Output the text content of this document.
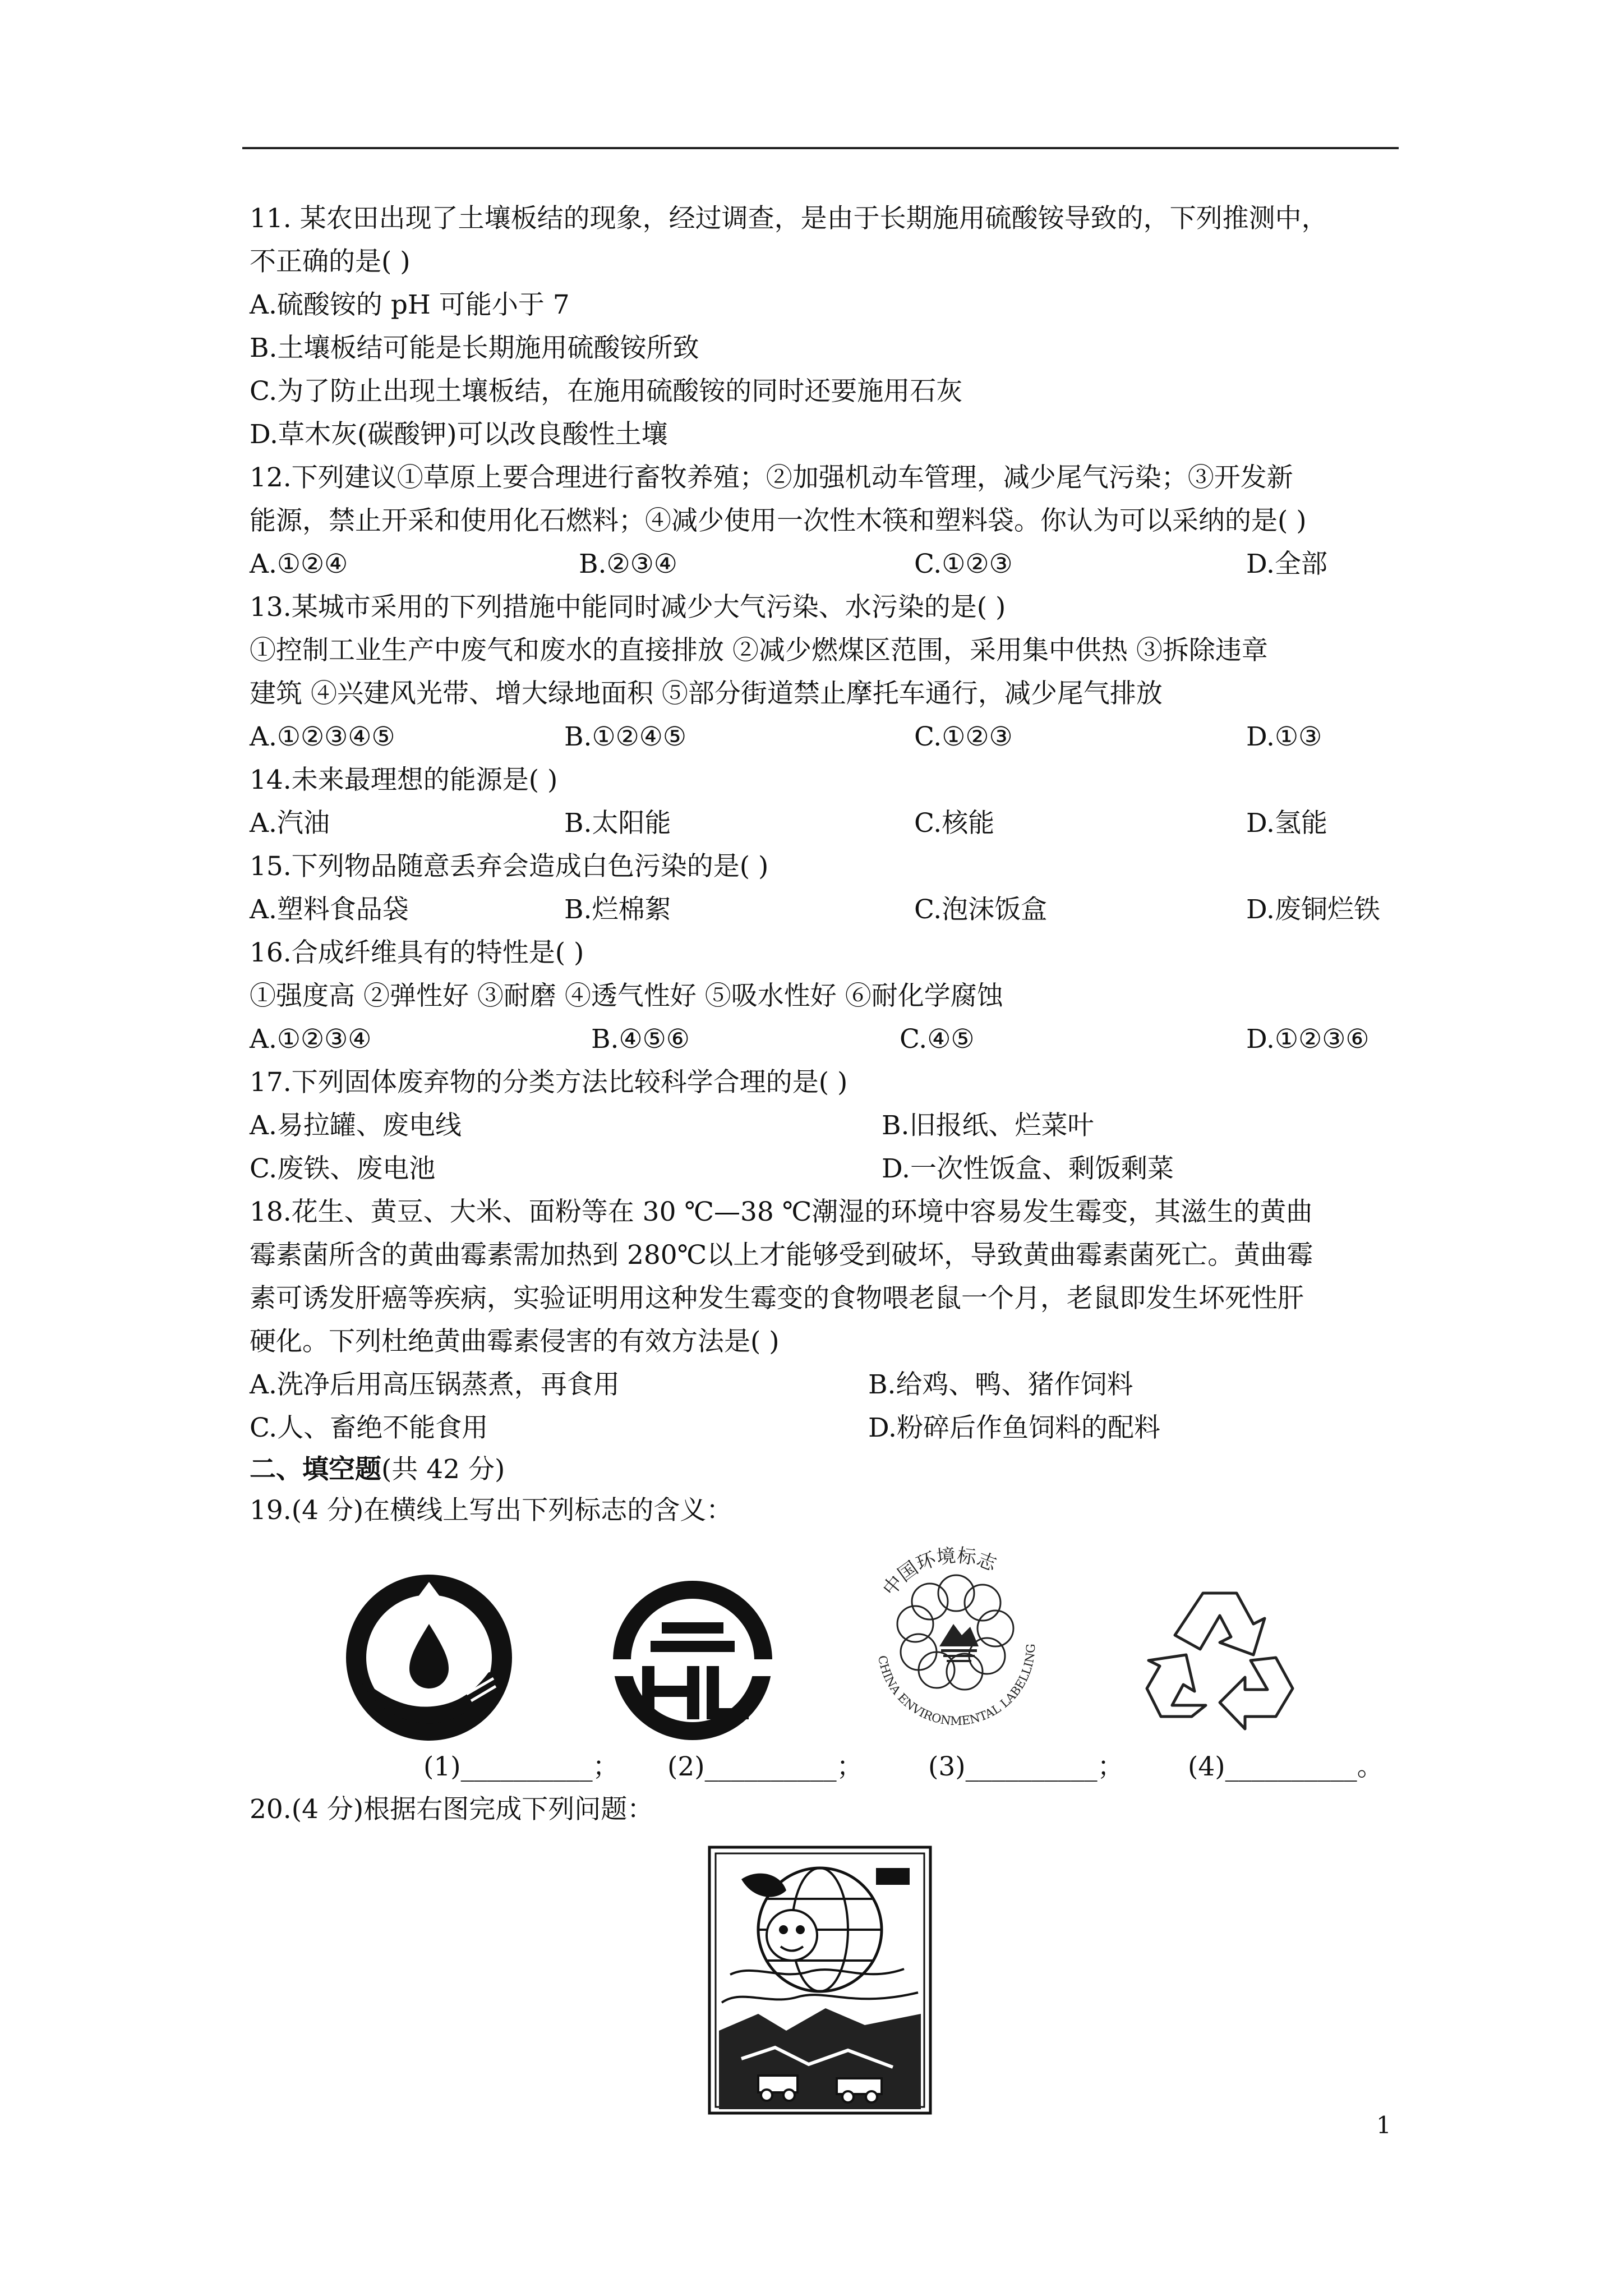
11. 某农田出现了土壤板结的现象，经过调查，是由于长期施用硫酸铵导致的，下列推测中，
不正确的是( )
A.硫酸铵的 pH 可能小于 7
B.土壤板结可能是长期施用硫酸铵所致
C.为了防止出现土壤板结，在施用硫酸铵的同时还要施用石灰
D.草木灰(碳酸钾)可以改良酸性土壤
12.下列建议①草原上要合理进行畜牧养殖；②加强机动车管理，减少尾气污染；③开发新
能源，禁止开采和使用化石燃料；④减少使用一次性木筷和塑料袋。你认为可以采纳的是( )
A.①②④	B.②③④	C.①②③	D.全部
13.某城市采用的下列措施中能同时减少大气污染、水污染的是( )
①控制工业生产中废气和废水的直接排放 ②减少燃煤区范围，采用集中供热 ③拆除违章
建筑 ④兴建风光带、增大绿地面积 ⑤部分街道禁止摩托车通行，减少尾气排放
A.①②③④⑤	B.①②④⑤	C.①②③	D.①③
14.未来最理想的能源是( )
A.汽油	B.太阳能	C.核能	D.氢能
15.下列物品随意丢弃会造成白色污染的是( )
A.塑料食品袋	B.烂棉絮	C.泡沫饭盒	D.废铜烂铁
16.合成纤维具有的特性是( )
①强度高 ②弹性好 ③耐磨 ④透气性好 ⑤吸水性好 ⑥耐化学腐蚀
A.①②③④	B.④⑤⑥	C.④⑤	D.①②③⑥
17.下列固体废弃物的分类方法比较科学合理的是( )
A.易拉罐、废电线	B.旧报纸、烂菜叶
C.废铁、废电池	D.一次性饭盒、剩饭剩菜
18.花生、黄豆、大米、面粉等在 30 ℃—38 ℃潮湿的环境中容易发生霉变，其滋生的黄曲
霉素菌所含的黄曲霉素需加热到 280℃以上才能够受到破坏，导致黄曲霉素菌死亡。黄曲霉
素可诱发肝癌等疾病，实验证明用这种发生霉变的食物喂老鼠一个月，老鼠即发生坏死性肝
硬化。下列杜绝黄曲霉素侵害的有效方法是( )
A.洗净后用高压锅蒸煮，再食用	B.给鸡、鸭、猪作饲料
C.人、畜绝不能食用	D.粉碎后作鱼饲料的配料
二、填空题(共 42 分)
19.(4 分)在横线上写出下列标志的含义：
中国环境标志
CHINA ENVIRONMENTAL LABELLING
(1)__________； (2)__________； (3)__________； (4)__________。
20.(4 分)根据右图完成下列问题：
1
